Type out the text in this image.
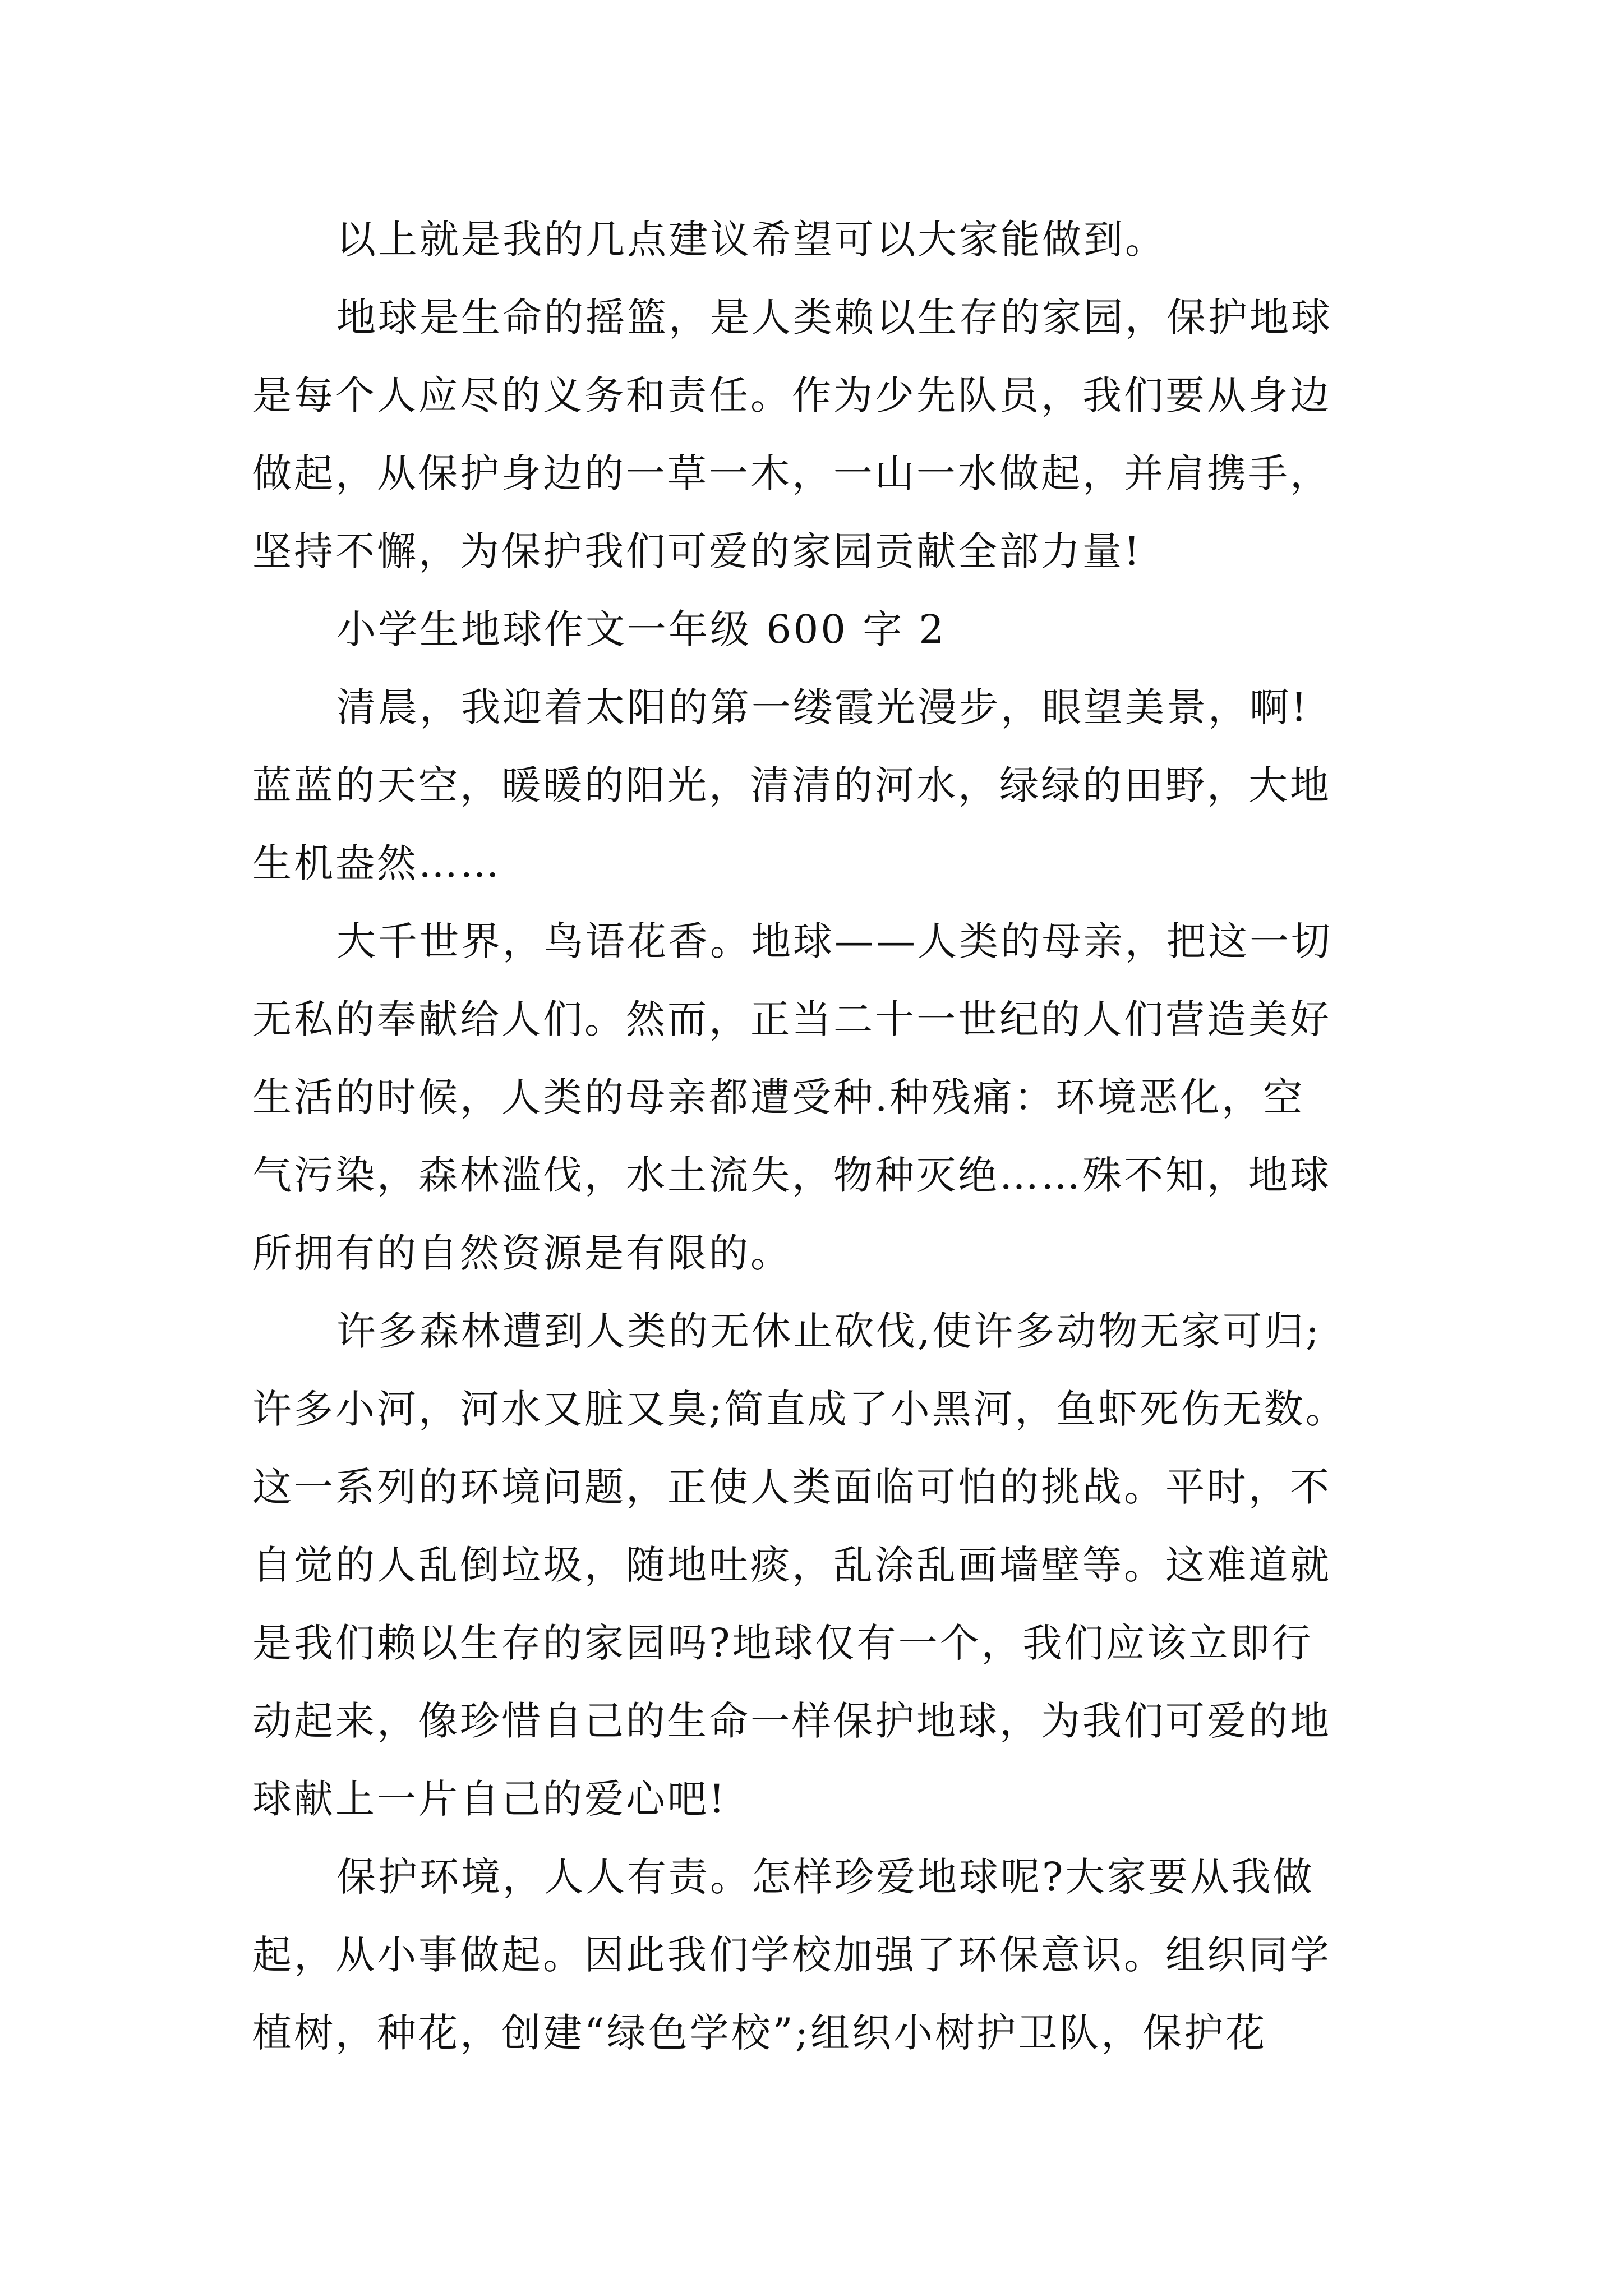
以上就是我的几点建议希望可以大家能做到。
地球是生命的摇篮，是人类赖以生存的家园，保护地球
是每个人应尽的义务和责任。作为少先队员，我们要从身边
做起，从保护身边的一草一木，一山一水做起，并肩携手，
坚持不懈，为保护我们可爱的家园贡献全部力量!
小学生地球作文一年级 600 字 2
清晨，我迎着太阳的第一缕霞光漫步，眼望美景，啊!
蓝蓝的天空，暖暖的阳光，清清的河水，绿绿的田野，大地
生机盎然……
大千世界，鸟语花香。地球——人类的母亲，把这一切
无私的奉献给人们。然而，正当二十一世纪的人们营造美好
生活的时候，人类的母亲都遭受种.种残痛：环境恶化，空
气污染，森林滥伐，水土流失，物种灭绝……殊不知，地球
所拥有的自然资源是有限的。
许多森林遭到人类的无休止砍伐,使许多动物无家可归;
许多小河，河水又脏又臭;简直成了小黑河，鱼虾死伤无数。
这一系列的环境问题，正使人类面临可怕的挑战。平时，不
自觉的人乱倒垃圾，随地吐痰，乱涂乱画墙壁等。这难道就
是我们赖以生存的家园吗?地球仅有一个，我们应该立即行
动起来，像珍惜自己的生命一样保护地球，为我们可爱的地
球献上一片自己的爱心吧!
保护环境，人人有责。怎样珍爱地球呢?大家要从我做
起，从小事做起。因此我们学校加强了环保意识。组织同学
植树，种花，创建“绿色学校”;组织小树护卫队，保护花
